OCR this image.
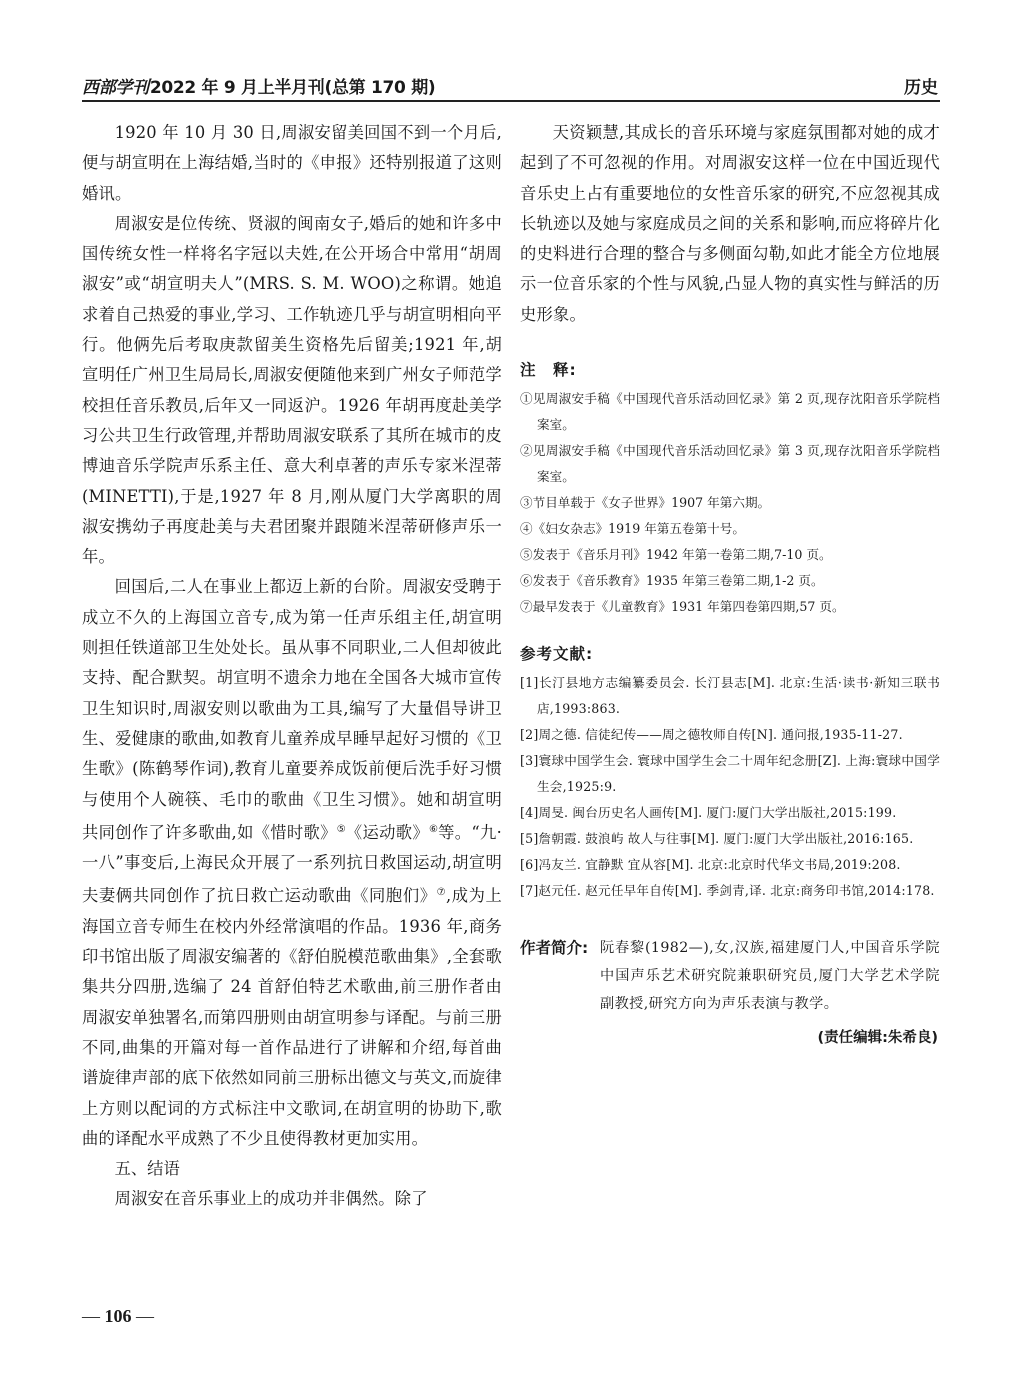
西部学刊2022 年 9 月上半月刊(总第 170 期)	历史

1920 年 10 月 30 日,周淑安留美回国不到一个月后,便与胡宣明在上海结婚,当时的《申报》还特别报道了这则婚讯。

周淑安是位传统、贤淑的闽南女子,婚后的她和许多中国传统女性一样将名字冠以夫姓,在公开场合中常用“胡周淑安”或“胡宣明夫人”(MRS. S. M. WOO)之称谓。她追求着自己热爱的事业,学习、工作轨迹几乎与胡宣明相向平行。他俩先后考取庚款留美生资格先后留美;1921 年,胡宣明任广州卫生局局长,周淑安便随他来到广州女子师范学校担任音乐教员,后年又一同返沪。1926 年胡再度赴美学习公共卫生行政管理,并帮助周淑安联系了其所在城市的皮博迪音乐学院声乐系主任、意大利卓著的声乐专家米涅蒂(MINETTI),于是,1927 年 8 月,刚从厦门大学离职的周淑安携幼子再度赴美与夫君团聚并跟随米涅蒂研修声乐一年。

回国后,二人在事业上都迈上新的台阶。周淑安受聘于成立不久的上海国立音专,成为第一任声乐组主任,胡宣明则担任铁道部卫生处处长。虽从事不同职业,二人但却彼此支持、配合默契。胡宣明不遗余力地在全国各大城市宣传卫生知识时,周淑安则以歌曲为工具,编写了大量倡导讲卫生、爱健康的歌曲,如教育儿童养成早睡早起好习惯的《卫生歌》(陈鹤琴作词),教育儿童要养成饭前便后洗手好习惯与使用个人碗筷、毛巾的歌曲《卫生习惯》。她和胡宣明共同创作了许多歌曲,如《惜时歌》⑤《运动歌》⑥等。“九·一八”事变后,上海民众开展了一系列抗日救国运动,胡宣明夫妻俩共同创作了抗日救亡运动歌曲《同胞们》⑦,成为上海国立音专师生在校内外经常演唱的作品。1936 年,商务印书馆出版了周淑安编著的《舒伯脱模范歌曲集》,全套歌集共分四册,选编了 24 首舒伯特艺术歌曲,前三册作者由周淑安单独署名,而第四册则由胡宣明参与译配。与前三册不同,曲集的开篇对每一首作品进行了讲解和介绍,每首曲谱旋律声部的底下依然如同前三册标出德文与英文,而旋律上方则以配词的方式标注中文歌词,在胡宣明的协助下,歌曲的译配水平成熟了不少且使得教材更加实用。

五、结语

周淑安在音乐事业上的成功并非偶然。除了

天资颖慧,其成长的音乐环境与家庭氛围都对她的成才起到了不可忽视的作用。对周淑安这样一位在中国近现代音乐史上占有重要地位的女性音乐家的研究,不应忽视其成长轨迹以及她与家庭成员之间的关系和影响,而应将碎片化的史料进行合理的整合与多侧面勾勒,如此才能全方位地展示一位音乐家的个性与风貌,凸显人物的真实性与鲜活的历史形象。

注　释:

①见周淑安手稿《中国现代音乐活动回忆录》第 2 页,现存沈阳音乐学院档案室。

②见周淑安手稿《中国现代音乐活动回忆录》第 3 页,现存沈阳音乐学院档案室。

③节目单载于《女子世界》1907 年第六期。

④《妇女杂志》1919 年第五卷第十号。

⑤发表于《音乐月刊》1942 年第一卷第二期,7-10 页。

⑥发表于《音乐教育》1935 年第三卷第二期,1-2 页。

⑦最早发表于《儿童教育》1931 年第四卷第四期,57 页。

参考文献:

[1]长汀县地方志编纂委员会. 长汀县志[M]. 北京:生活·读书·新知三联书店,1993:863.

[2]周之德. 信徒纪传——周之德牧师自传[N]. 通问报,1935-11-27.

[3]寰球中国学生会. 寰球中国学生会二十周年纪念册[Z]. 上海:寰球中国学生会,1925:9.

[4]周旻. 闽台历史名人画传[M]. 厦门:厦门大学出版社,2015:199.

[5]詹朝霞. 鼓浪屿 故人与往事[M]. 厦门:厦门大学出版社,2016:165.

[6]冯友兰. 宜静默 宜从容[M]. 北京:北京时代华文书局,2019:208.

[7]赵元任. 赵元任早年自传[M]. 季剑青,译. 北京:商务印书馆,2014:178.

作者简介: 阮春黎(1982—),女,汉族,福建厦门人,中国音乐学院中国声乐艺术研究院兼职研究员,厦门大学艺术学院副教授,研究方向为声乐表演与教学。

(责任编辑:朱希良)

— 106 —
